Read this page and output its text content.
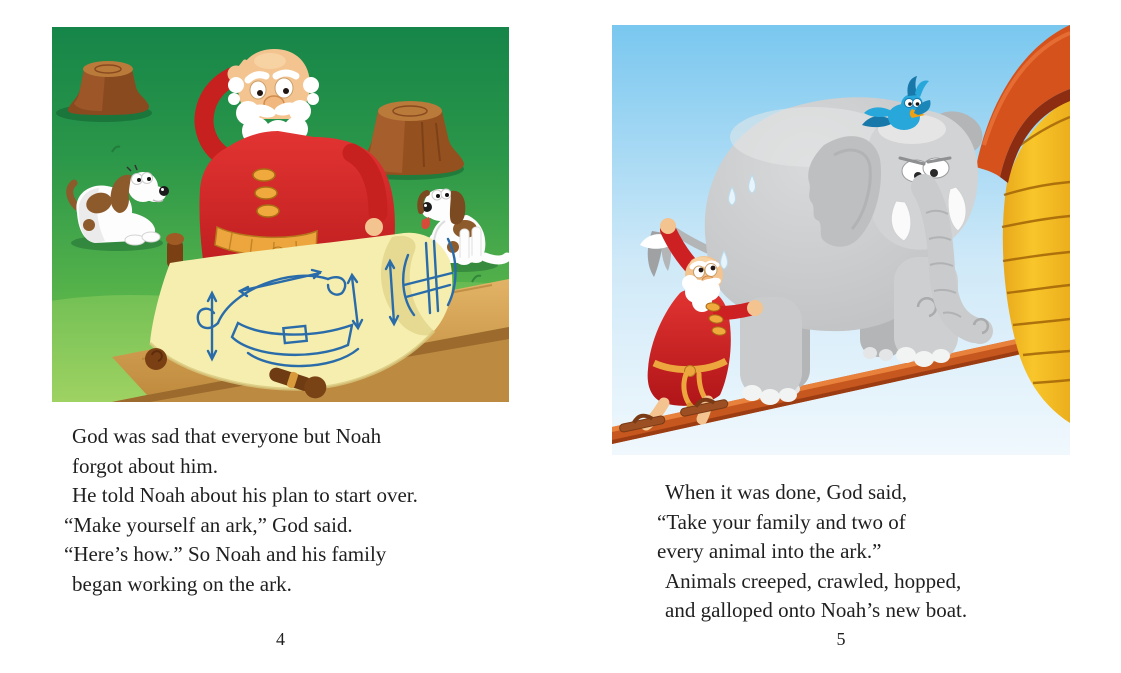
God was sad that everyone but Noah

forgot about him.

He told Noah about his plan to start over.

“Make yourself an ark,” God said.

“Here’s how.” So Noah and his family

began working on the ark.

When it was done, God said,

“Take your family and two of

every animal into the ark.”

Animals creeped, crawled, hopped,

and galloped onto Noah’s new boat.

4	5
